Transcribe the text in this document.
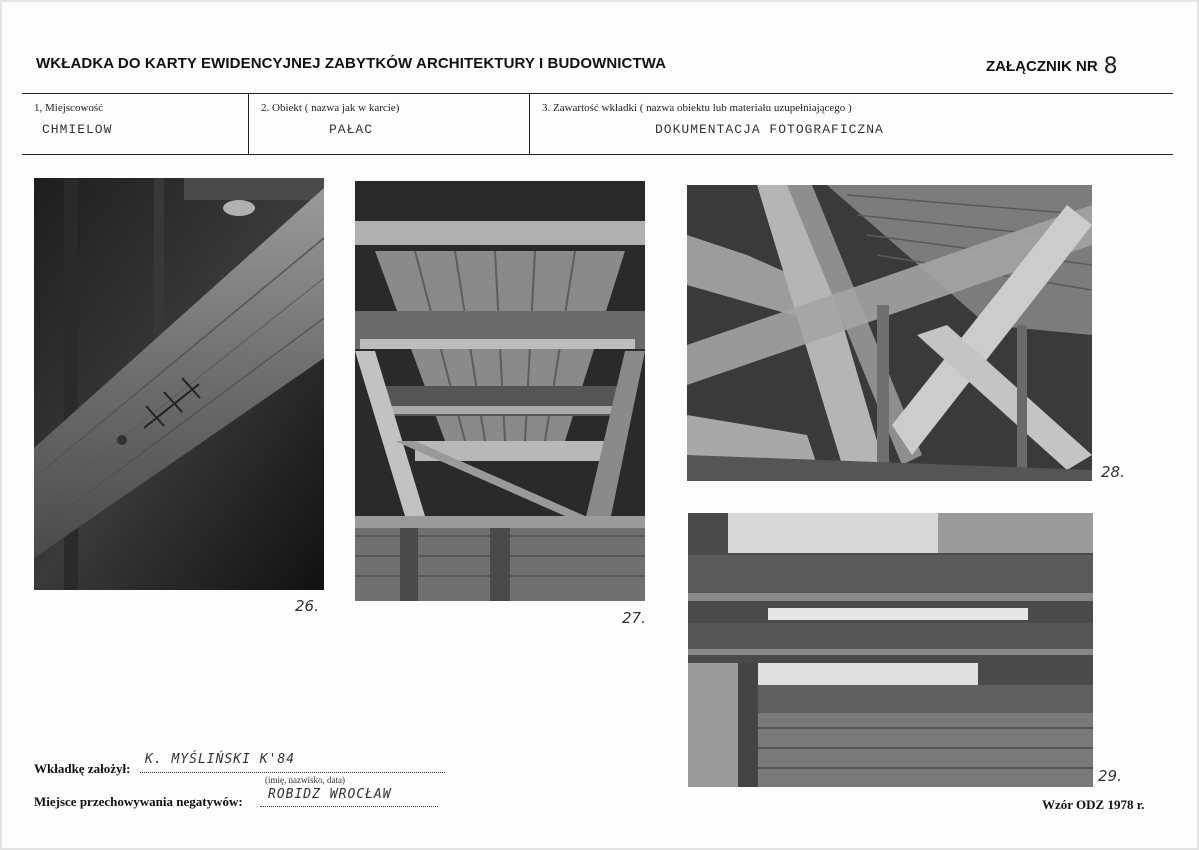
WKŁADKA DO KARTY EWIDENCYJNEJ ZABYTKÓW ARCHITEKTURY I BUDOWNICTWA	ZAŁĄCZNIK NR 8
1, Miejscowość
CHMIELOW
2. Obiekt ( nazwa jak w karcie)
PAŁAC
3. Zawartość wkładki ( nazwa obiektu lub materiału uzupełniającego )
DOKUMENTACJA FOTOGRAFICZNA
26.
27.
28.
29.
Wkładkę założył:
K. MYŚLIŃSKI K'84
(imię, nazwisko, data)
Miejsce przechowywania negatywów: ROBIDZ WROCŁAW
Wzór ODZ 1978 r.
